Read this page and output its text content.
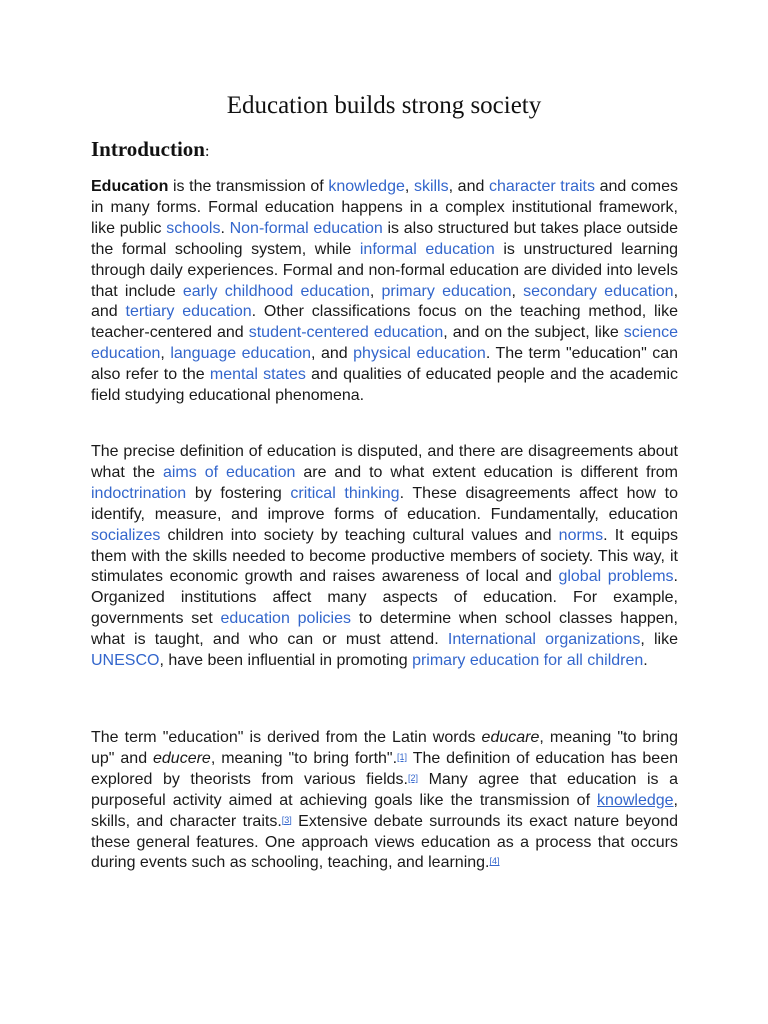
Education builds strong society
Introduction:

Education is the transmission of knowledge, skills, and character traits and comes in many forms. Formal education happens in a complex institutional framework, like public schools. Non-formal education is also structured but takes place outside the formal schooling system, while informal education is unstructured learning through daily experiences. Formal and non-formal education are divided into levels that include early childhood education, primary education, secondary education, and tertiary education. Other classifications focus on the teaching method, like teacher-centered and student-centered education, and on the subject, like science education, language education, and physical education. The term "education" can also refer to the mental states and qualities of educated people and the academic field studying educational phenomena.

The precise definition of education is disputed, and there are disagreements about what the aims of education are and to what extent education is different from indoctrination by fostering critical thinking. These disagreements affect how to identify, measure, and improve forms of education. Fundamentally, education socializes children into society by teaching cultural values and norms. It equips them with the skills needed to become productive members of society. This way, it stimulates economic growth and raises awareness of local and global problems. Organized institutions affect many aspects of education. For example, governments set education policies to determine when school classes happen, what is taught, and who can or must attend. International organizations, like UNESCO, have been influential in promoting primary education for all children.

The term "education" is derived from the Latin words educare, meaning "to bring up" and educere, meaning "to bring forth".[1] The definition of education has been explored by theorists from various fields.[2] Many agree that education is a purposeful activity aimed at achieving goals like the transmission of knowledge, skills, and character traits.[3] Extensive debate surrounds its exact nature beyond these general features. One approach views education as a process that occurs during events such as schooling, teaching, and learning.[4]
